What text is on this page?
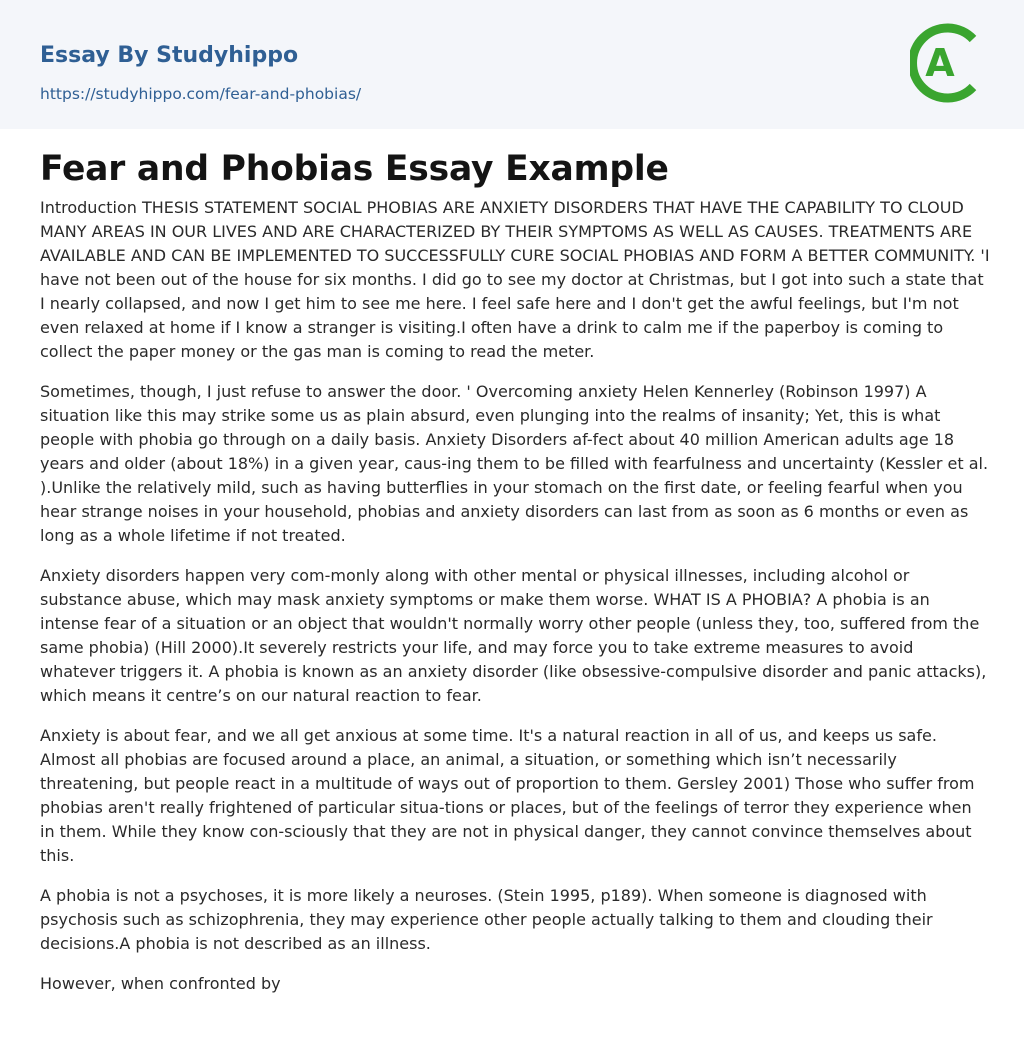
Essay By Studyhippo
https://studyhippo.com/fear-and-phobias/
A
Fear and Phobias Essay Example

Introduction THESIS STATEMENT SOCIAL PHOBIAS ARE ANXIETY DISORDERS THAT HAVE THE CAPABILITY TO CLOUD MANY AREAS IN OUR LIVES AND ARE CHARACTERIZED BY THEIR SYMPTOMS AS WELL AS CAUSES. TREATMENTS ARE AVAILABLE AND CAN BE IMPLEMENTED TO SUCCESSFULLY CURE SOCIAL PHOBIAS AND FORM A BETTER COMMUNITY. 'I have not been out of the house for six months. I did go to see my doctor at Christmas, but I got into such a state that I nearly collapsed, and now I get him to see me here. I feel safe here and I don't get the awful feelings, but I'm not even relaxed at home if I know a stranger is visiting.I often have a drink to calm me if the paperboy is coming to collect the paper money or the gas man is coming to read the meter.

Sometimes, though, I just refuse to answer the door. ' Overcoming anxiety Helen Kennerley (Robinson 1997) A situation like this may strike some us as plain absurd, even plunging into the realms of insanity; Yet, this is what people with phobia go through on a daily basis. Anxiety Disorders af-fect about 40 million American adults age 18 years and older (about 18%) in a given year, caus-ing them to be filled with fearfulness and uncertainty (Kessler et al. ).Unlike the relatively mild, such as having butterflies in your stomach on the first date, or feeling fearful when you hear strange noises in your household, phobias and anxiety disorders can last from as soon as 6 months or even as long as a whole lifetime if not treated.

Anxiety disorders happen very com-monly along with other mental or physical illnesses, including alcohol or substance abuse, which may mask anxiety symptoms or make them worse. WHAT IS A PHOBIA? A phobia is an intense fear of a situation or an object that wouldn't normally worry other people (unless they, too, suffered from the same phobia) (Hill 2000).It severely restricts your life, and may force you to take extreme measures to avoid whatever triggers it. A phobia is known as an anxiety disorder (like obsessive-compulsive disorder and panic attacks), which means it centre’s on our natural reaction to fear.

Anxiety is about fear, and we all get anxious at some time. It's a natural reaction in all of us, and keeps us safe. Almost all phobias are focused around a place, an animal, a situation, or something which isn’t necessarily threatening, but people react in a multitude of ways out of proportion to them. Gersley 2001) Those who suffer from phobias aren't really frightened of particular situa-tions or places, but of the feelings of terror they experience when in them. While they know con-sciously that they are not in physical danger, they cannot convince themselves about this.

A phobia is not a psychoses, it is more likely a neuroses. (Stein 1995, p189). When someone is diagnosed with psychosis such as schizophrenia, they may experience other people actually talking to them and clouding their decisions.A phobia is not described as an illness.

However, when confronted by
